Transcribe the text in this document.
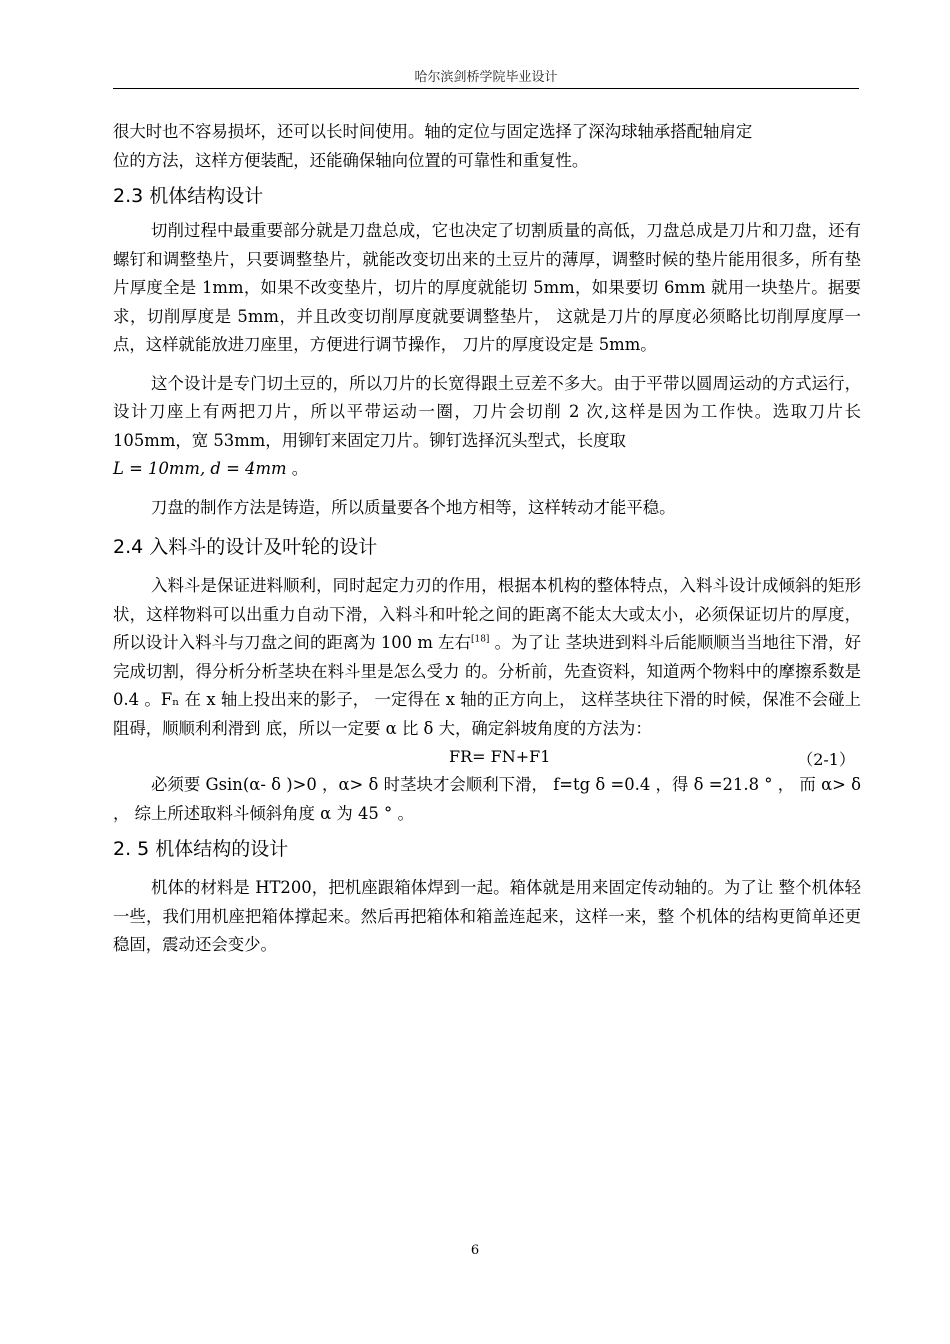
哈尔滨剑桥学院毕业设计

很大时也不容易损坏，还可以长时间使用。轴的定位与固定选择了深沟球轴承搭配轴肩定

位的方法，这样方便装配，还能确保轴向位置的可靠性和重复性。

2.3 机体结构设计

切削过程中最重要部分就是刀盘总成，它也决定了切割质量的高低，刀盘总成是刀片和刀盘，还有螺钉和调整垫片，只要调整垫片，就能改变切出来的土豆片的薄厚，调整时候的垫片能用很多，所有垫片厚度全是 1mm，如果不改变垫片，切片的厚度就能切 5mm，如果要切 6mm 就用一块垫片。据要求，切削厚度是 5mm，并且改变切削厚度就要调整垫片， 这就是刀片的厚度必须略比切削厚度厚一点，这样就能放进刀座里，方便进行调节操作， 刀片的厚度设定是 5mm。

这个设计是专门切土豆的，所以刀片的长宽得跟土豆差不多大。由于平带以圆周运动的方式运行，设计刀座上有两把刀片，所以平带运动一圈，刀片会切削 2 次,这样是因为工作快。选取刀片长 105mm，宽 53mm，用铆钉来固定刀片。铆钉选择沉头型式，长度取
L = 10mm, d = 4mm 。

刀盘的制作方法是铸造，所以质量要各个地方相等，这样转动才能平稳。

2.4 入料斗的设计及叶轮的设计

入料斗是保证进料顺利，同时起定力刃的作用，根据本机构的整体特点，入料斗设计成倾斜的矩形状，这样物料可以出重力自动下滑，入料斗和叶轮之间的距离不能太大或太小，必须保证切片的厚度， 所以设计入料斗与刀盘之间的距离为 100 m 左右[18] 。为了让 茎块进到料斗后能顺顺当当地往下滑，好完成切割，得分析分析茎块在料斗里是怎么受力 的。分析前，先查资料，知道两个物料中的摩擦系数是 0.4 。Fₙ 在 x 轴上投出来的影子， 一定得在 x 轴的正方向上， 这样茎块往下滑的时候，保准不会碰上阻碍，顺顺利利滑到 底，所以一定要 α 比 δ 大，确定斜坡角度的方法为：

FR= FN+F1	（2-1）

必须要 Gsin(α- δ )>0 ，α> δ 时茎块才会顺利下滑， f=tg δ =0.4 ，得 δ =21.8 ° ， 而 α> δ ， 综上所述取料斗倾斜角度 α 为 45 ° 。

2. 5 机体结构的设计

机体的材料是 HT200，把机座跟箱体焊到一起。箱体就是用来固定传动轴的。为了让 整个机体轻一些，我们用机座把箱体撑起来。然后再把箱体和箱盖连起来，这样一来，整 个机体的结构更简单还更稳固，震动还会变少。

6
